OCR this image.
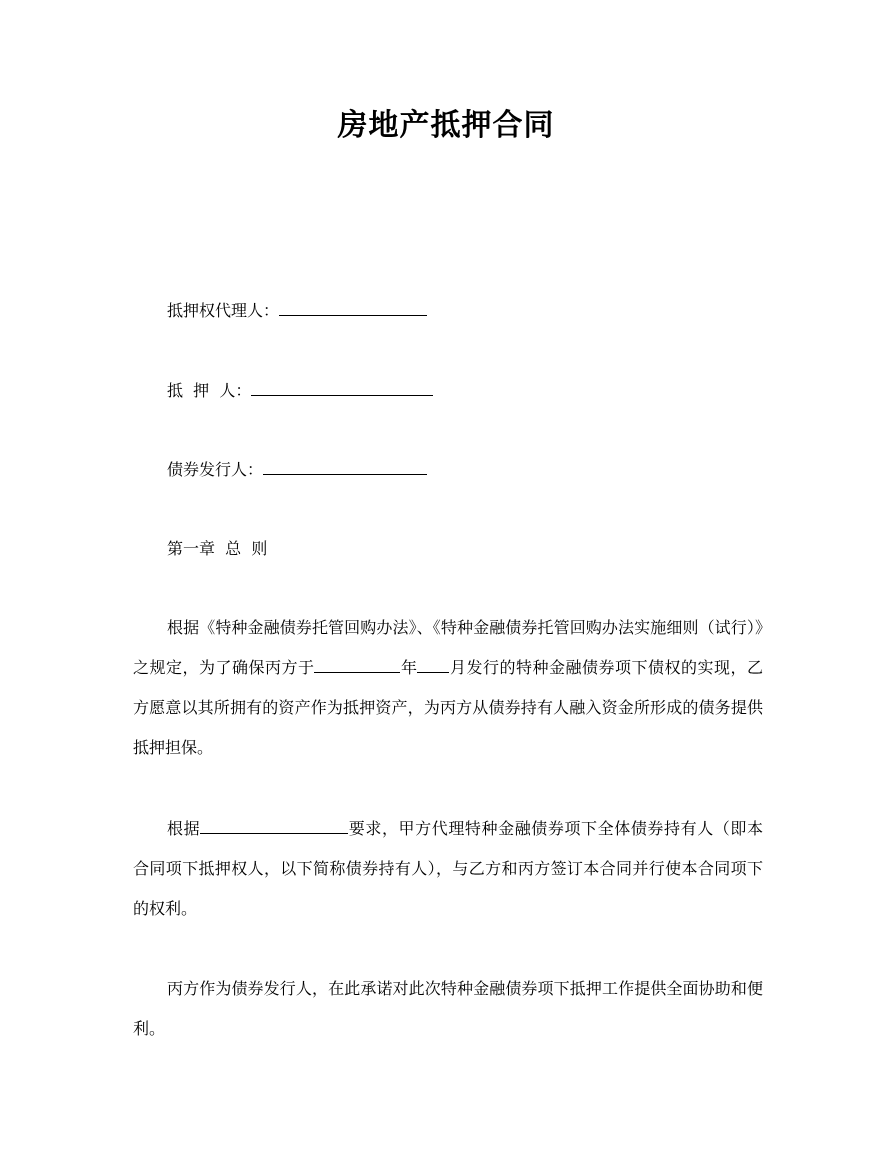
房地产抵押合同
抵押权代理人：
抵  押  人：
债券发行人：
第一章  总  则
根据《特种金融债券托管回购办法》、《特种金融债券托管回购办法实施细则（试行）》之规定，为了确保丙方于	年 月发行的特种金融债券项下债权的实现，乙方愿意以其所拥有的资产作为抵押资产，为丙方从债券持有人融入资金所形成的债务提供抵押担保。
根据	要求，甲方代理特种金融债券项下全体债券持有人（即本合同项下抵押权人，以下简称债券持有人），与乙方和丙方签订本合同并行使本合同项下的权利。
丙方作为债券发行人，在此承诺对此次特种金融债券项下抵押工作提供全面协助和便利。
